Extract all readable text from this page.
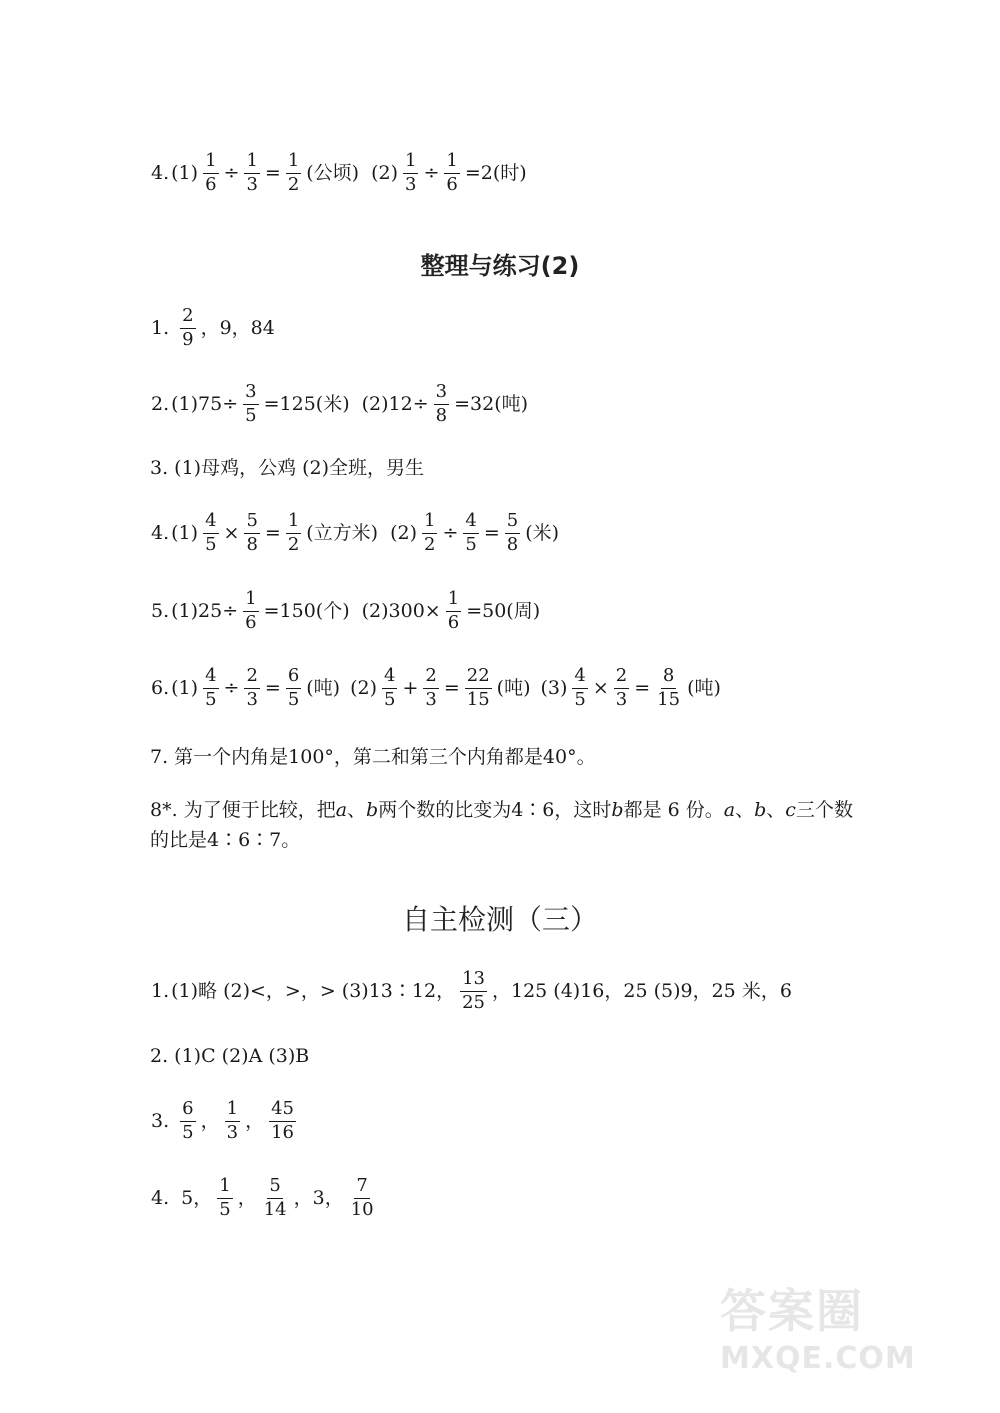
4. $(1) \frac{1}{6} \div \frac{1}{3} = \frac{1}{2}$ (公顷) $(2) \frac{1}{3} \div \frac{1}{6} =2$(时)
整理与练习(2)
1. $\frac{2}{9}$ ，9，84
2. $(1)75\div \frac{3}{5} =125$(米) $(2)12\div \frac{3}{8} =32$(吨)
3. (1)母鸡，公鸡 (2)全班，男生
4. $(1) \frac{4}{5} \times \frac{5}{8} = \frac{1}{2}$ (立方米) $(2) \frac{1}{2} \div \frac{4}{5} = \frac{5}{8}$ (米)
5. $(1)25\div \frac{1}{6} =150$(个) $(2)300\times \frac{1}{6} =50$(周)
6. $(1) \frac{4}{5} \div \frac{2}{3} = \frac{6}{5}$ (吨) $(2) \frac{4}{5} + \frac{2}{3} = \frac{22}{15}$ (吨) $(3) \frac{4}{5} \times \frac{2}{3} = \frac{8}{15}$ (吨)
7. 第一个内角是100°，第二和第三个内角都是40°。
8*. 为了便于比较，把a、b两个数的比变为4∶6，这时b都是 6 份。a、b、c三个数的比是4∶6∶7。
自主检测（三）
1. (1)略 (2)<，>，> (3)13∶12， $\frac{13}{25}$ ，125 (4)16，25 (5)9，25 米，6
2. (1)C (2)A (3)B
3. $\frac{6}{5}$ ， $\frac{1}{3}$ ， $\frac{45}{16}$
4. 5， $\frac{1}{5}$ ， $\frac{5}{14}$ ，3， $\frac{7}{10}$
答案圈
MXQE.COM
